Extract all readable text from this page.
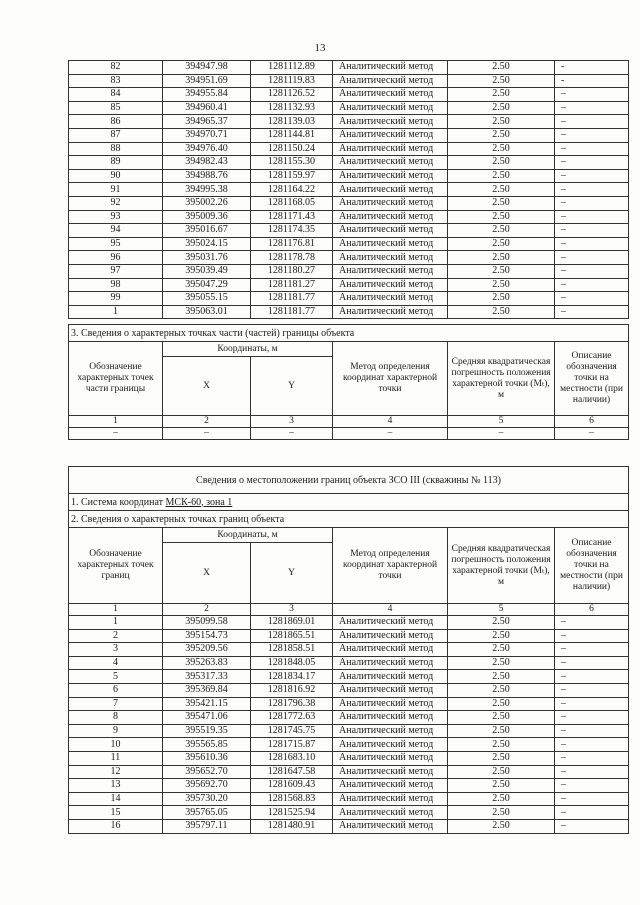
13
82	394947.98	1281112.89	Аналитический метод	2.50	-
83	394951.69	1281119.83	Аналитический метод	2.50	-
84	394955.84	1281126.52	Аналитический метод	2.50	–
85	394960.41	1281132.93	Аналитический метод	2.50	–
86	394965.37	1281139.03	Аналитический метод	2.50	–
87	394970.71	1281144.81	Аналитический метод	2.50	–
88	394976.40	1281150.24	Аналитический метод	2.50	–
89	394982.43	1281155.30	Аналитический метод	2.50	–
90	394988.76	1281159.97	Аналитический метод	2.50	–
91	394995.38	1281164.22	Аналитический метод	2.50	–
92	395002.26	1281168.05	Аналитический метод	2.50	–
93	395009.36	1281171.43	Аналитический метод	2.50	–
94	395016.67	1281174.35	Аналитический метод	2.50	–
95	395024.15	1281176.81	Аналитический метод	2.50	–
96	395031.76	1281178.78	Аналитический метод	2.50	–
97	395039.49	1281180.27	Аналитический метод	2.50	–
98	395047.29	1281181.27	Аналитический метод	2.50	–
99	395055.15	1281181.77	Аналитический метод	2.50	–
1	395063.01	1281181.77	Аналитический метод	2.50	–
3. Сведения о характерных точках части (частей) границы объекта					
Обозначение характерных точек части границы	Координаты, м		Метод определения координат характерной точки	Средняя квадратическая погрешность положения характерной точки (Mₜ), м	Описание обозначения точки на местности (при наличии)
	X	Y			
1	2	3	4	5	6
–	–	–	–	–	–
Сведения о местоположении границ объекта ЗСО III (скважины № 113)					
1. Система координат МСК-60, зона 1					
2. Сведения о характерных точках границ объекта					
Обозначение характерных точек границ	Координаты, м		Метод определения координат характерной точки	Средняя квадратическая погрешность положения характерной точки (Mₜ), м	Описание обозначения точки на местности (при наличии)
	X	Y			
1	2	3	4	5	6
1	395099.58	1281869.01	Аналитический метод	2.50	–
2	395154.73	1281865.51	Аналитический метод	2.50	–
3	395209.56	1281858.51	Аналитический метод	2.50	–
4	395263.83	1281848.05	Аналитический метод	2.50	–
5	395317.33	1281834.17	Аналитический метод	2.50	–
6	395369.84	1281816.92	Аналитический метод	2.50	–
7	395421.15	1281796.38	Аналитический метод	2.50	–
8	395471.06	1281772.63	Аналитический метод	2.50	–
9	395519.35	1281745.75	Аналитический метод	2.50	–
10	395565.85	1281715.87	Аналитический метод	2.50	–
11	395610.36	1281683.10	Аналитический метод	2.50	–
12	395652.70	1281647.58	Аналитический метод	2.50	–
13	395692.70	1281609.43	Аналитический метод	2.50	–
14	395730.20	1281568.83	Аналитический метод	2.50	–
15	395765.05	1281525.94	Аналитический метод	2.50	–
16	395797.11	1281480.91	Аналитический метод	2.50	–
